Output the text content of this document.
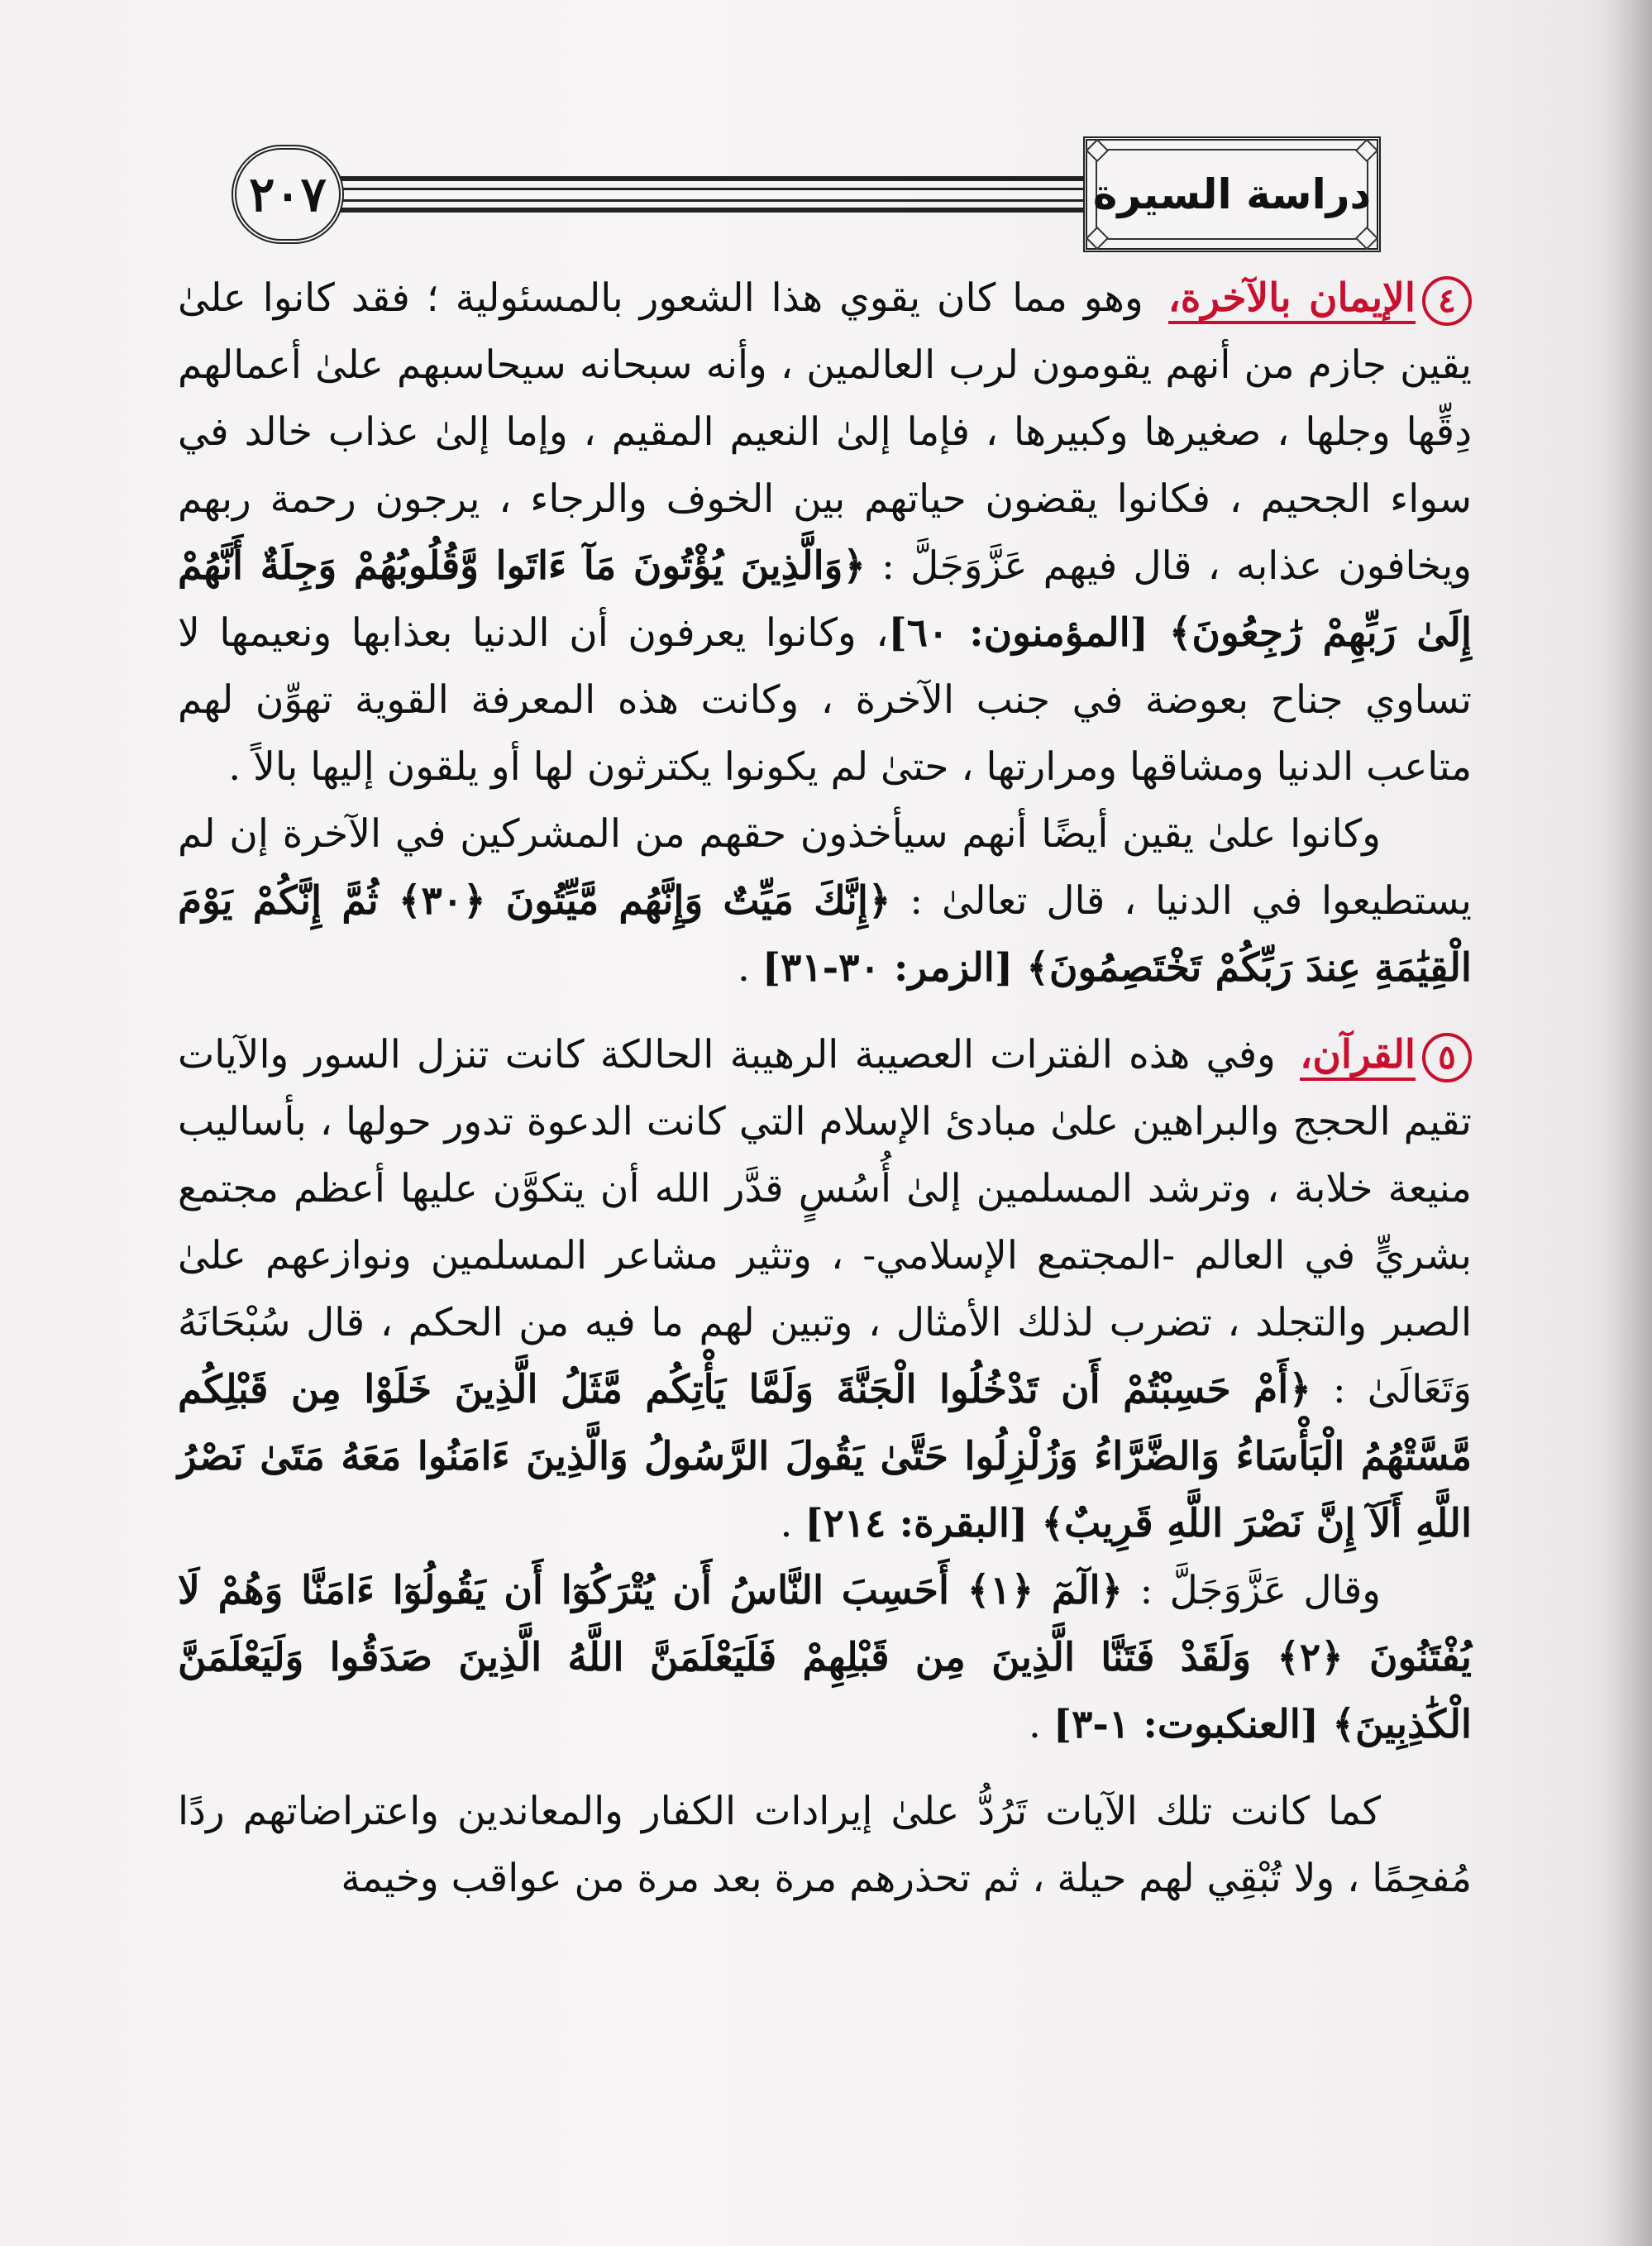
٢٠٧	دراسة السيرة

٤الإيمان بالآخرة، وهو مما كان يقوي هذا الشعور بالمسئولية ؛ فقد كانوا علىٰ يقين جازم من أنهم يقومون لرب العالمين ، وأنه سبحانه سيحاسبهم علىٰ أعمالهم دِقِّها وجلها ، صغيرها وكبيرها ، فإما إلىٰ النعيم المقيم ، وإما إلىٰ عذاب خالد في سواء الجحيم ، فكانوا يقضون حياتهم بين الخوف والرجاء ، يرجون رحمة ربهم ويخافون عذابه ، قال فيهم عَزَّوَجَلَّ : ﴿وَالَّذِينَ يُؤْتُونَ مَآ ءَاتَوا وَّقُلُوبُهُمْ وَجِلَةٌ أَنَّهُمْ إِلَىٰ رَبِّهِمْ رَٰجِعُونَ﴾ [المؤمنون: ٦٠]، وكانوا يعرفون أن الدنيا بعذابها ونعيمها لا تساوي جناح بعوضة في جنب الآخرة ، وكانت هذه المعرفة القوية تهوِّن لهم متاعب الدنيا ومشاقها ومرارتها ، حتىٰ لم يكونوا يكترثون لها أو يلقون إليها بالاً .

وكانوا علىٰ يقين أيضًا أنهم سيأخذون حقهم من المشركين في الآخرة إن لم يستطيعوا في الدنيا ، قال تعالىٰ : ﴿إِنَّكَ مَيِّتٌ وَإِنَّهُم مَّيِّتُونَ ﴿٣٠﴾ ثُمَّ إِنَّكُمْ يَوْمَ الْقِيَٰمَةِ عِندَ رَبِّكُمْ تَخْتَصِمُونَ﴾ [الزمر: ٣٠-٣١] .

٥القرآن، وفي هذه الفترات العصيبة الرهيبة الحالكة كانت تنزل السور والآيات تقيم الحجج والبراهين علىٰ مبادئ الإسلام التي كانت الدعوة تدور حولها ، بأساليب منيعة خلابة ، وترشد المسلمين إلىٰ أُسُسٍ قدَّر الله أن يتكوَّن عليها أعظم مجتمع بشريٍّ في العالم -المجتمع الإسلامي- ، وتثير مشاعر المسلمين ونوازعهم علىٰ الصبر والتجلد ، تضرب لذلك الأمثال ، وتبين لهم ما فيه من الحكم ، قال سُبْحَانَهُ وَتَعَالَىٰ : ﴿أَمْ حَسِبْتُمْ أَن تَدْخُلُوا الْجَنَّةَ وَلَمَّا يَأْتِكُم مَّثَلُ الَّذِينَ خَلَوْا مِن قَبْلِكُم مَّسَّتْهُمُ الْبَأْسَاءُ وَالضَّرَّاءُ وَزُلْزِلُوا حَتَّىٰ يَقُولَ الرَّسُولُ وَالَّذِينَ ءَامَنُوا مَعَهُ مَتَىٰ نَصْرُ اللَّهِ أَلَآ إِنَّ نَصْرَ اللَّهِ قَرِيبٌ﴾ [البقرة: ٢١٤] .

وقال عَزَّوَجَلَّ : ﴿الٓمٓ ﴿١﴾ أَحَسِبَ النَّاسُ أَن يُتْرَكُوٓا أَن يَقُولُوٓا ءَامَنَّا وَهُمْ لَا يُفْتَنُونَ ﴿٢﴾ وَلَقَدْ فَتَنَّا الَّذِينَ مِن قَبْلِهِمْ فَلَيَعْلَمَنَّ اللَّهُ الَّذِينَ صَدَقُوا وَلَيَعْلَمَنَّ الْكَٰذِبِينَ﴾ [العنكبوت: ١-٣] .

كما كانت تلك الآيات تَرُدُّ علىٰ إيرادات الكفار والمعاندين واعتراضاتهم ردًا مُفحِمًا ، ولا تُبْقِي لهم حيلة ، ثم تحذرهم مرة بعد مرة من عواقب وخيمة
